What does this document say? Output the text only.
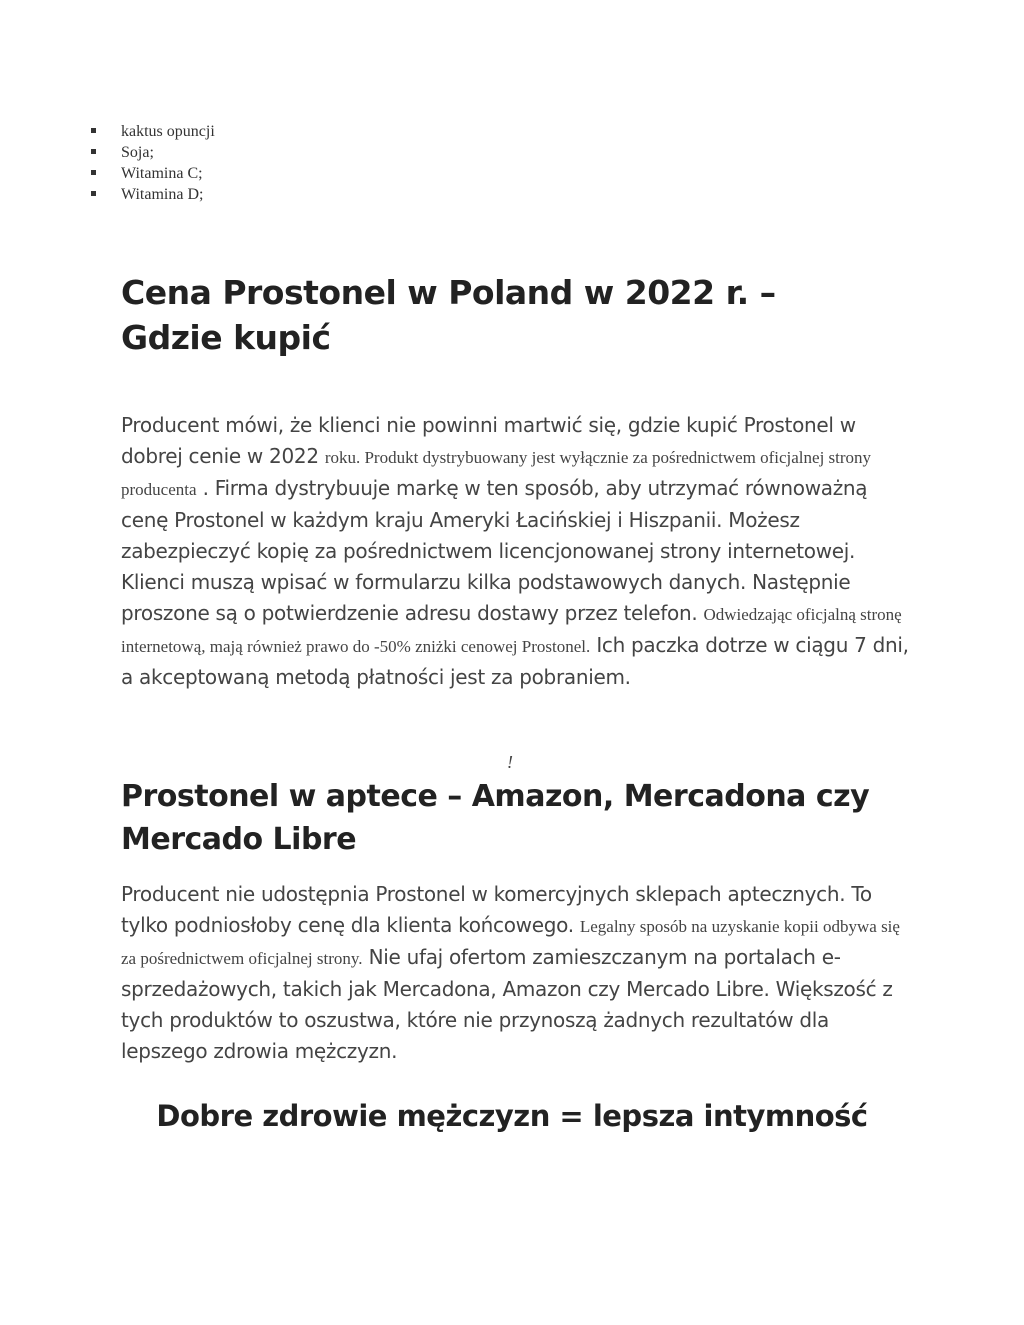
kaktus opuncji
Soja;
Witamina C;
Witamina D;
Cena Prostonel w Poland w 2022 r. – Gdzie kupić

Producent mówi, że klienci nie powinni martwić się, gdzie kupić Prostonel w dobrej cenie w 2022 roku. Produkt dystrybuowany jest wyłącznie za pośrednictwem oficjalnej strony producenta . Firma dystrybuuje markę w ten sposób, aby utrzymać równoważną cenę Prostonel w każdym kraju Ameryki Łacińskiej i Hiszpanii. Możesz zabezpieczyć kopię za pośrednictwem licencjonowanej strony internetowej.
Klienci muszą wpisać w formularzu kilka podstawowych danych. Następnie proszone są o potwierdzenie adresu dostawy przez telefon. Odwiedzając oficjalną stronę internetową, mają również prawo do -50% zniżki cenowej Prostonel. Ich paczka dotrze w ciągu 7 dni, a akceptowaną metodą płatności jest za pobraniem.

!
Prostonel w aptece – Amazon, Mercadona czy Mercado Libre

Producent nie udostępnia Prostonel w komercyjnych sklepach aptecznych. To tylko podniosłoby cenę dla klienta końcowego. Legalny sposób na uzyskanie kopii odbywa się za pośrednictwem oficjalnej strony. Nie ufaj ofertom zamieszczanym na portalach e-sprzedażowych, takich jak Mercadona, Amazon czy Mercado Libre. Większość z tych produktów to oszustwa, które nie przynoszą żadnych rezultatów dla lepszego zdrowia mężczyzn.

Dobre zdrowie mężczyzn = lepsza intymność
